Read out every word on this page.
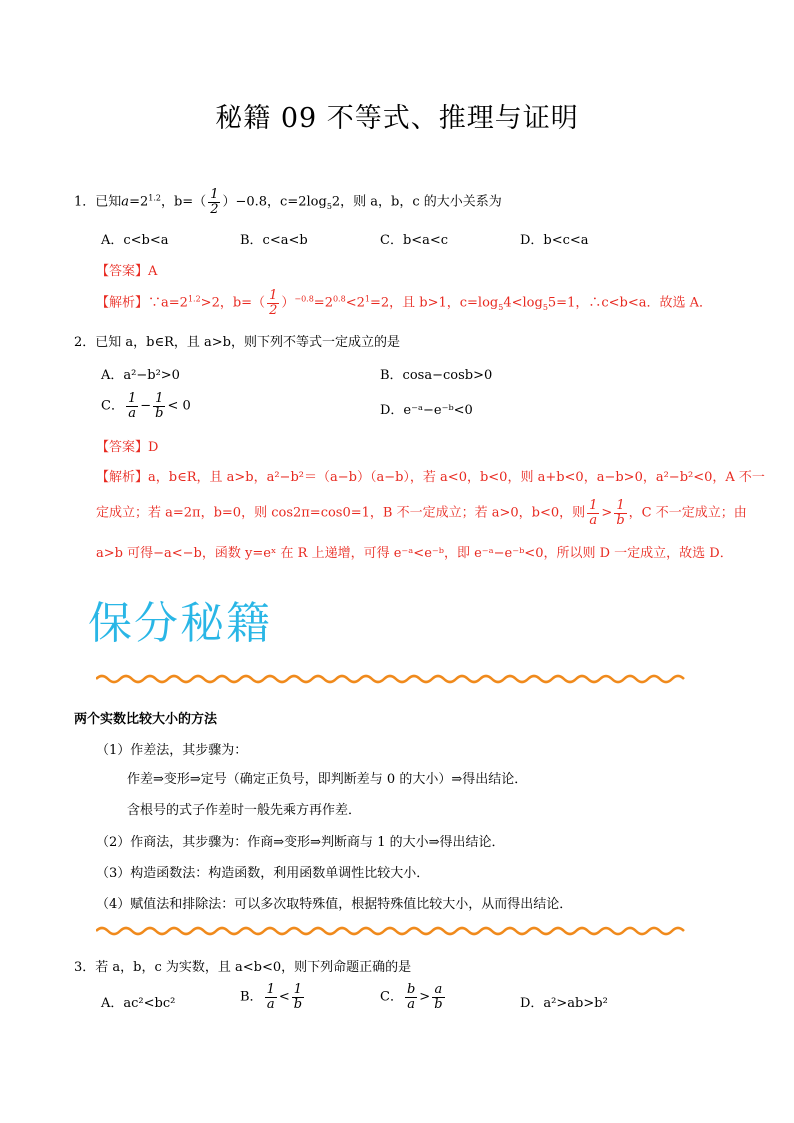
秘籍 09 不等式、推理与证明
1．已知$a=2^{1.2}$，$b=( \frac{1}{2} )-0.8$，$c=2\log_52$，则 a，b，c 的大小关系为
A．c<b<a	B．c<a<b	C．b<a<c	D．b<c<a
【答案】A
【解析】$\because a=2^{1.2}>2$，$b=( \frac{1}{2} )^{-0.8}=2^{0.8}<2^1=2$，且 b>1，$c=\log_54<\log_55=1$，∴c<b<a．故选 A．
2．已知 a，b∈R，且 a>b，则下列不等式一定成立的是
A．a²−b²>0	B．cosa−cosb>0
C． $\frac{1}{a} - \frac{1}{b} < 0$	D．e⁻ᵃ−e⁻ᵇ<0
【答案】D
【解析】a，b∈R，且 a>b，a²−b²＝（a−b）（a−b），若 a<0，b<0，则 a+b<0，a−b>0，a²−b²<0，A 不一
定成立；若 a=2π，b=0，则 cos2π=cos0=1，B 不一定成立；若 a>0，b<0，则 $\frac{1}{a} > \frac{1}{b}$ ，C 不一定成立；由
a>b 可得−a<−b，函数 y=eˣ 在 R 上递增，可得 e⁻ᵃ<e⁻ᵇ，即 e⁻ᵃ−e⁻ᵇ<0，所以则 D 一定成立，故选 D．
保分秘籍
两个实数比较大小的方法
（1）作差法，其步骤为：
作差⇒变形⇒定号（确定正负号，即判断差与 0 的大小）⇒得出结论．
含根号的式子作差时一般先乘方再作差．
（2）作商法，其步骤为：作商⇒变形⇒判断商与 1 的大小⇒得出结论．
（3）构造函数法：构造函数，利用函数单调性比较大小．
（4）赋值法和排除法：可以多次取特殊值，根据特殊值比较大小，从而得出结论．
3．若 a，b，c 为实数，且 a<b<0，则下列命题正确的是
A．ac²<bc²	B． $\frac{1}{a} < \frac{1}{b}$	C． $\frac{b}{a} > \frac{a}{b}$	D．a²>ab>b²
